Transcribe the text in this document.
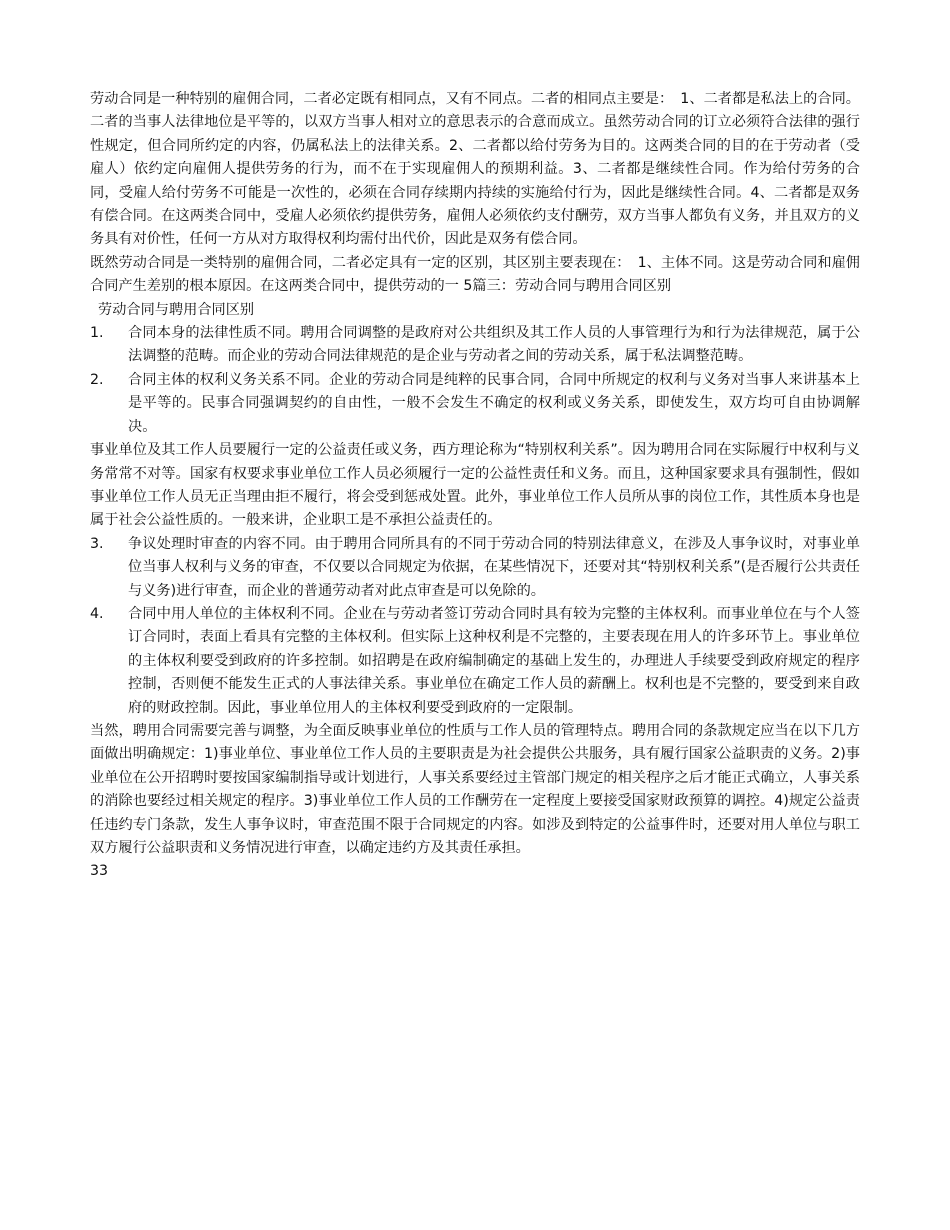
劳动合同是一种特别的雇佣合同，二者必定既有相同点，又有不同点。二者的相同点主要是：　1、二者都是私法上的合同。二者的当事人法律地位是平等的，以双方当事人相对立的意思表示的合意而成立。虽然劳动合同的订立必须符合法律的强行性规定，但合同所约定的内容，仍属私法上的法律关系。2、二者都以给付劳务为目的。这两类合同的目的在于劳动者（受雇人）依约定向雇佣人提供劳务的行为，而不在于实现雇佣人的预期利益。3、二者都是继续性合同。作为给付劳务的合同，受雇人给付劳务不可能是一次性的，必须在合同存续期内持续的实施给付行为，因此是继续性合同。4、二者都是双务有偿合同。在这两类合同中，受雇人必须依约提供劳务，雇佣人必须依约支付酬劳，双方当事人都负有义务，并且双方的义务具有对价性，任何一方从对方取得权利均需付出代价，因此是双务有偿合同。

既然劳动合同是一类特别的雇佣合同，二者必定具有一定的区别，其区别主要表现在：　1、主体不同。这是劳动合同和雇佣合同产生差别的根本原因。在这两类合同中，提供劳动的一 5篇三：劳动合同与聘用合同区别

劳动合同与聘用合同区别

1.	合同本身的法律性质不同。聘用合同调整的是政府对公共组织及其工作人员的人事管理行为和行为法律规范，属于公法调整的范畴。而企业的劳动合同法律规范的是企业与劳动者之间的劳动关系，属于私法调整范畴。
2.	合同主体的权利义务关系不同。企业的劳动合同是纯粹的民事合同，合同中所规定的权利与义务对当事人来讲基本上是平等的。民事合同强调契约的自由性，一般不会发生不确定的权利或义务关系，即使发生，双方均可自由协调解决。

事业单位及其工作人员要履行一定的公益责任或义务，西方理论称为“特别权利关系”。因为聘用合同在实际履行中权利与义务常常不对等。国家有权要求事业单位工作人员必须履行一定的公益性责任和义务。而且，这种国家要求具有强制性，假如事业单位工作人员无正当理由拒不履行，将会受到惩戒处置。此外，事业单位工作人员所从事的岗位工作，其性质本身也是属于社会公益性质的。一般来讲，企业职工是不承担公益责任的。

3.	争议处理时审查的内容不同。由于聘用合同所具有的不同于劳动合同的特别法律意义，在涉及人事争议时，对事业单位当事人权利与义务的审查，不仅要以合同规定为依据，在某些情况下，还要对其“特别权利关系”(是否履行公共责任与义务)进行审查，而企业的普通劳动者对此点审查是可以免除的。
4.	合同中用人单位的主体权利不同。企业在与劳动者签订劳动合同时具有较为完整的主体权利。而事业单位在与个人签订合同时，表面上看具有完整的主体权利。但实际上这种权利是不完整的，主要表现在用人的许多环节上。事业单位的主体权利要受到政府的许多控制。如招聘是在政府编制确定的基础上发生的，办理进人手续要受到政府规定的程序控制，否则便不能发生正式的人事法律关系。事业单位在确定工作人员的薪酬上。权利也是不完整的，要受到来自政府的财政控制。因此，事业单位用人的主体权利要受到政府的一定限制。

当然，聘用合同需要完善与调整，为全面反映事业单位的性质与工作人员的管理特点。聘用合同的条款规定应当在以下几方面做出明确规定：1)事业单位、事业单位工作人员的主要职责是为社会提供公共服务，具有履行国家公益职责的义务。2)事业单位在公开招聘时要按国家编制指导或计划进行，人事关系要经过主管部门规定的相关程序之后才能正式确立，人事关系的消除也要经过相关规定的程序。3)事业单位工作人员的工作酬劳在一定程度上要接受国家财政预算的调控。4)规定公益责任违约专门条款，发生人事争议时，审查范围不限于合同规定的内容。如涉及到特定的公益事件时，还要对用人单位与职工双方履行公益职责和义务情况进行审查，以确定违约方及其责任承担。

33
